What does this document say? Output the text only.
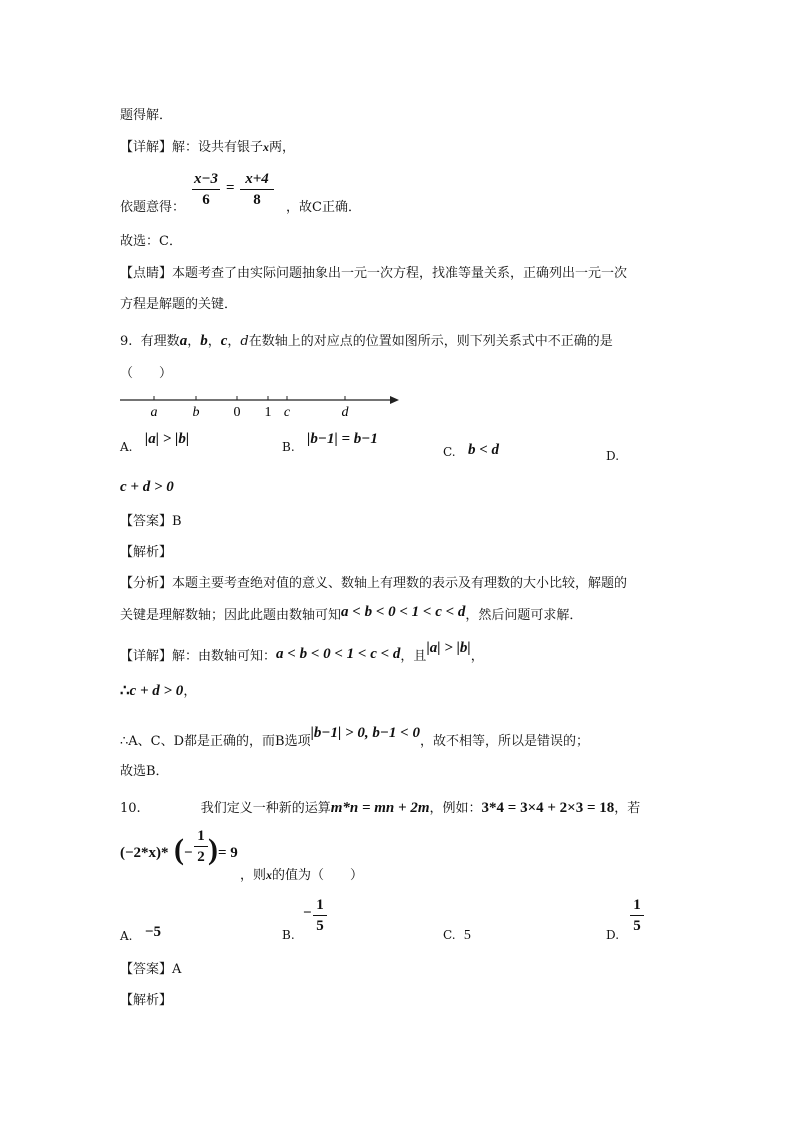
题得解．
【详解】解：设共有银子x两，
依题意得：
x−3
6
=
x+4
8	，故C正确．
故选：C．
【点睛】本题考查了由实际问题抽象出一元一次方程，找准等量关系，正确列出一元一次
方程是解题的关键．
9. 有理数a，b，c，d在数轴上的对应点的位置如图所示，则下列关系式中不正确的是
（　　）
a	b 0 1 c	d
A. |a| > |b|	B. |b−1| = b−1
C. b < d	D.
c + d > 0
【答案】B
【解析】
【分析】本题主要考查绝对值的意义、数轴上有理数的表示及有理数的大小比较，解题的
关键是理解数轴；因此此题由数轴可知a < b < 0 < 1 < c < d，然后问题可求解．
【详解】解：由数轴可知：a < b < 0 < 1 < c < d，且|a| > |b|，
∴c + d > 0，
∴A、C、D都是正确的，而B选项|b−1| > 0, b−1 < 0，故不相等，所以是错误的；
故选B．
10.	我们定义一种新的运算m*n = mn + 2m，例如：3*4 = 3×4 + 2×3 = 18，若
(−2*x)* ( −
1
2 ) = 9
，则x的值为（　　）
A. −5	B.
− 1
5
C. 5	D.
1
5
【答案】A
【解析】
